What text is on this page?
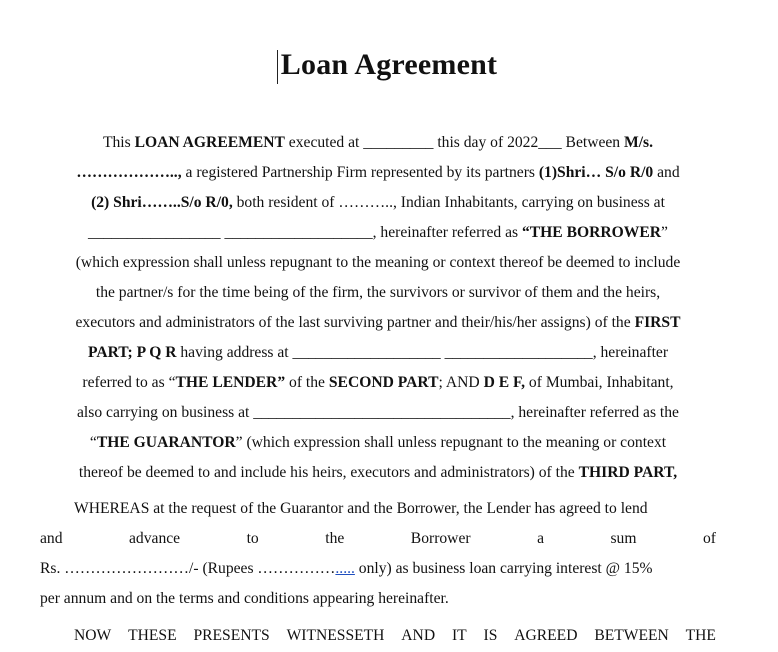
Loan Agreement
This LOAN AGREEMENT executed at _________ this day of 2022___ Between M/s.
……………….., a registered Partnership Firm represented by its partners (1)Shri… S/o R/0 and
(2) Shri……..S/o R/0, both resident of ……….., Indian Inhabitants, carrying on business at
_________________ ___________________, hereinafter referred as “THE BORROWER”
(which expression shall unless repugnant to the meaning or context thereof be deemed to include
the partner/s for the time being of the firm, the survivors or survivor of them and the heirs,
executors and administrators of the last surviving partner and their/his/her assigns) of the FIRST
PART; P Q R having address at ___________________ ___________________, hereinafter
referred to as “THE LENDER” of the SECOND PART; AND D E F, of Mumbai, Inhabitant,
also carrying on business at _________________________________, hereinafter referred as the
“THE GUARANTOR” (which expression shall unless repugnant to the meaning or context
thereof be deemed to and include his heirs, executors and administrators) of the THIRD PART,
WHEREAS at the request of the Guarantor and the Borrower, the Lender has agreed to lend
and	advance	to	the	Borrower	a	sum	of
Rs. ……………………/- (Rupees ……………..... only) as business loan carrying interest @ 15%
per annum and on the terms and conditions appearing hereinafter.
NOW THESE PRESENTS WITNESSETH AND IT IS AGREED BETWEEN THE
